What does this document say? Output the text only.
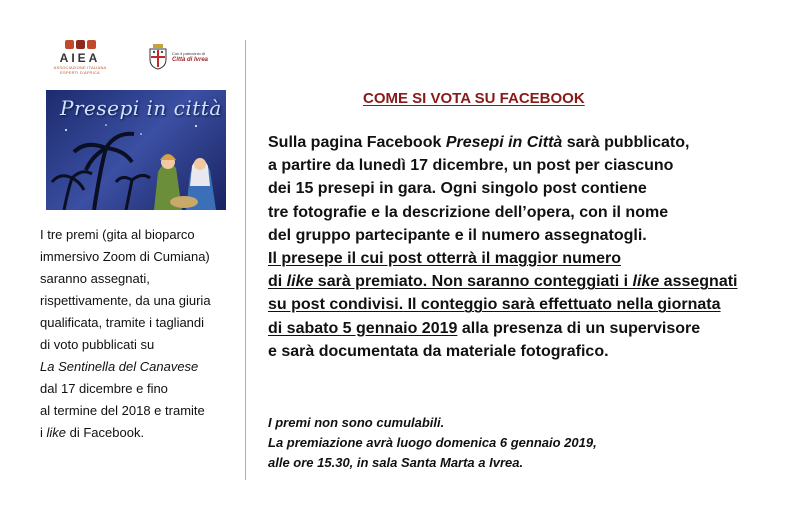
AIEA
ASSOCIAZIONE ITALIANA
ESPERTI D'AFRICA
Con il patrocinio di
Città di Ivrea
Presepi in città

I tre premi (gita al bioparco

immersivo Zoom di Cumiana)

saranno assegnati,

rispettivamente, da una giuria

qualificata, tramite i tagliandi

di voto pubblicati su

La Sentinella del Canavese

dal 17 dicembre e fino

al termine del 2018 e tramite

i like di Facebook.

COME SI VOTA SU FACEBOOK

Sulla pagina Facebook Presepi in Città sarà pubblicato,

a partire da lunedì 17 dicembre, un post per ciascuno

dei 15 presepi in gara. Ogni singolo post contiene

tre fotografie e la descrizione dell’opera, con il nome

del gruppo partecipante e il numero assegnatogli.

Il presepe il cui post otterrà il maggior numero

di like sarà premiato. Non saranno conteggiati i like assegnati

su post condivisi. Il conteggio sarà effettuato nella giornata

di sabato 5 gennaio 2019 alla presenza di un supervisore

e sarà documentata da materiale fotografico.

I premi non sono cumulabili.

La premiazione avrà luogo domenica 6 gennaio 2019,

alle ore 15.30, in sala Santa Marta a Ivrea.
